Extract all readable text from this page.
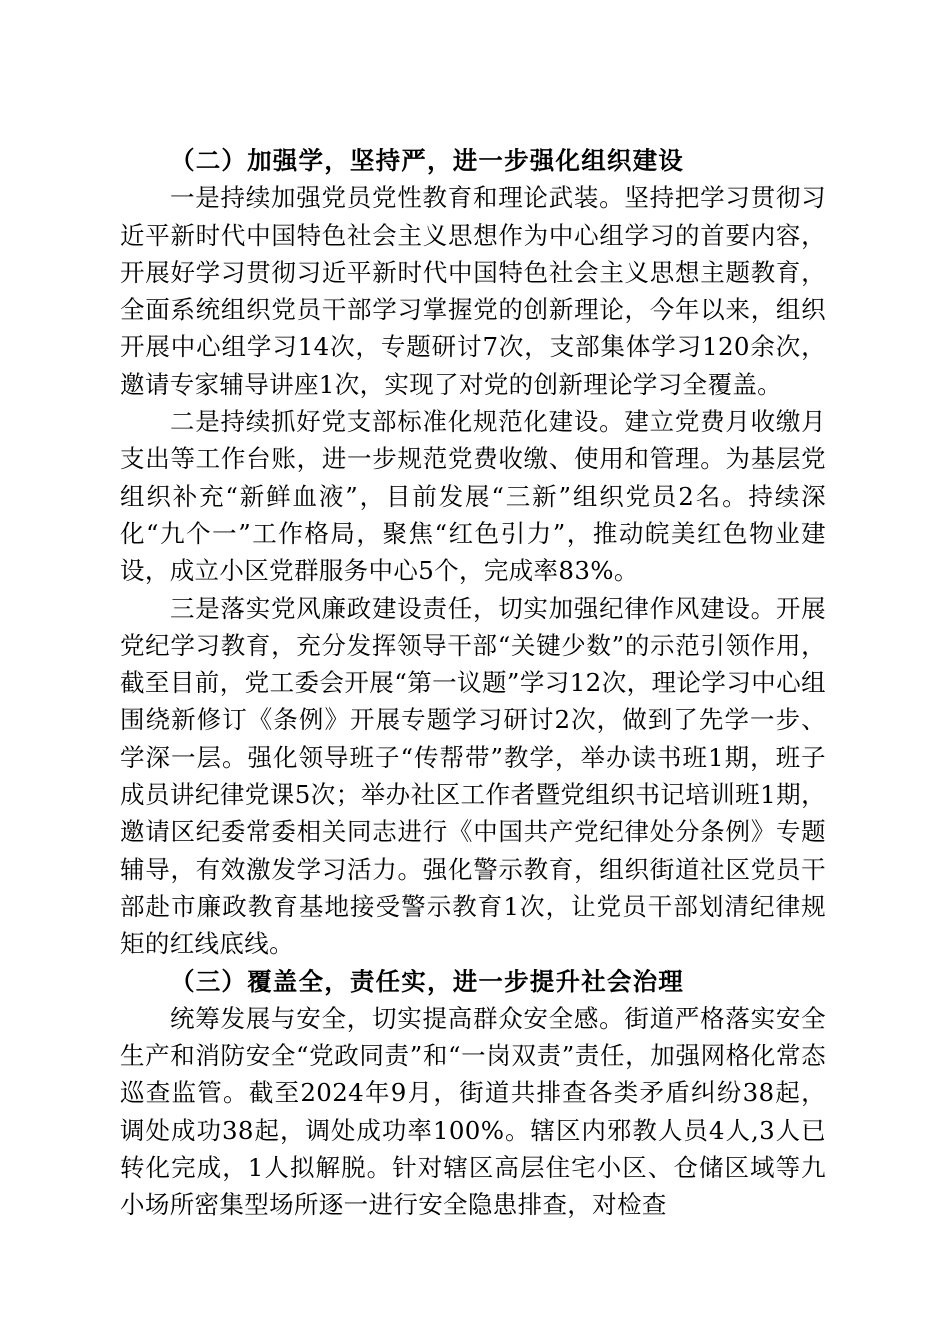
（二）加强学，坚持严，进一步强化组织建设

一是持续加强党员党性教育和理论武装。坚持把学习贯彻习近平新时代中国特色社会主义思想作为中心组学习的首要内容，开展好学习贯彻习近平新时代中国特色社会主义思想主题教育，全面系统组织党员干部学习掌握党的创新理论，今年以来，组织开展中心组学习14次，专题研讨7次，支部集体学习120余次，邀请专家辅导讲座1次，实现了对党的创新理论学习全覆盖。

二是持续抓好党支部标准化规范化建设。建立党费月收缴月支出等工作台账，进一步规范党费收缴、使用和管理。为基层党组织补充“新鲜血液”，目前发展“三新”组织党员2名。持续深化“九个一”工作格局，聚焦“红色引力”，推动皖美红色物业建设，成立小区党群服务中心5个，完成率83%。

三是落实党风廉政建设责任，切实加强纪律作风建设。开展党纪学习教育，充分发挥领导干部“关键少数”的示范引领作用，截至目前，党工委会开展“第一议题”学习12次，理论学习中心组围绕新修订《条例》开展专题学习研讨2次，做到了先学一步、学深一层。强化领导班子“传帮带”教学，举办读书班1期，班子成员讲纪律党课5次；举办社区工作者暨党组织书记培训班1期，邀请区纪委常委相关同志进行《中国共产党纪律处分条例》专题辅导，有效激发学习活力。强化警示教育，组织街道社区党员干部赴市廉政教育基地接受警示教育1次，让党员干部划清纪律规矩的红线底线。

（三）覆盖全，责任实，进一步提升社会治理

统筹发展与安全，切实提高群众安全感。街道严格落实安全生产和消防安全“党政同责”和“一岗双责”责任，加强网格化常态巡查监管。截至2024年9月，街道共排查各类矛盾纠纷38起，调处成功38起，调处成功率100%。辖区内邪教人员4人,3人已转化完成，1人拟解脱。针对辖区高层住宅小区、仓储区域等九小场所密集型场所逐一进行安全隐患排查，对检查
